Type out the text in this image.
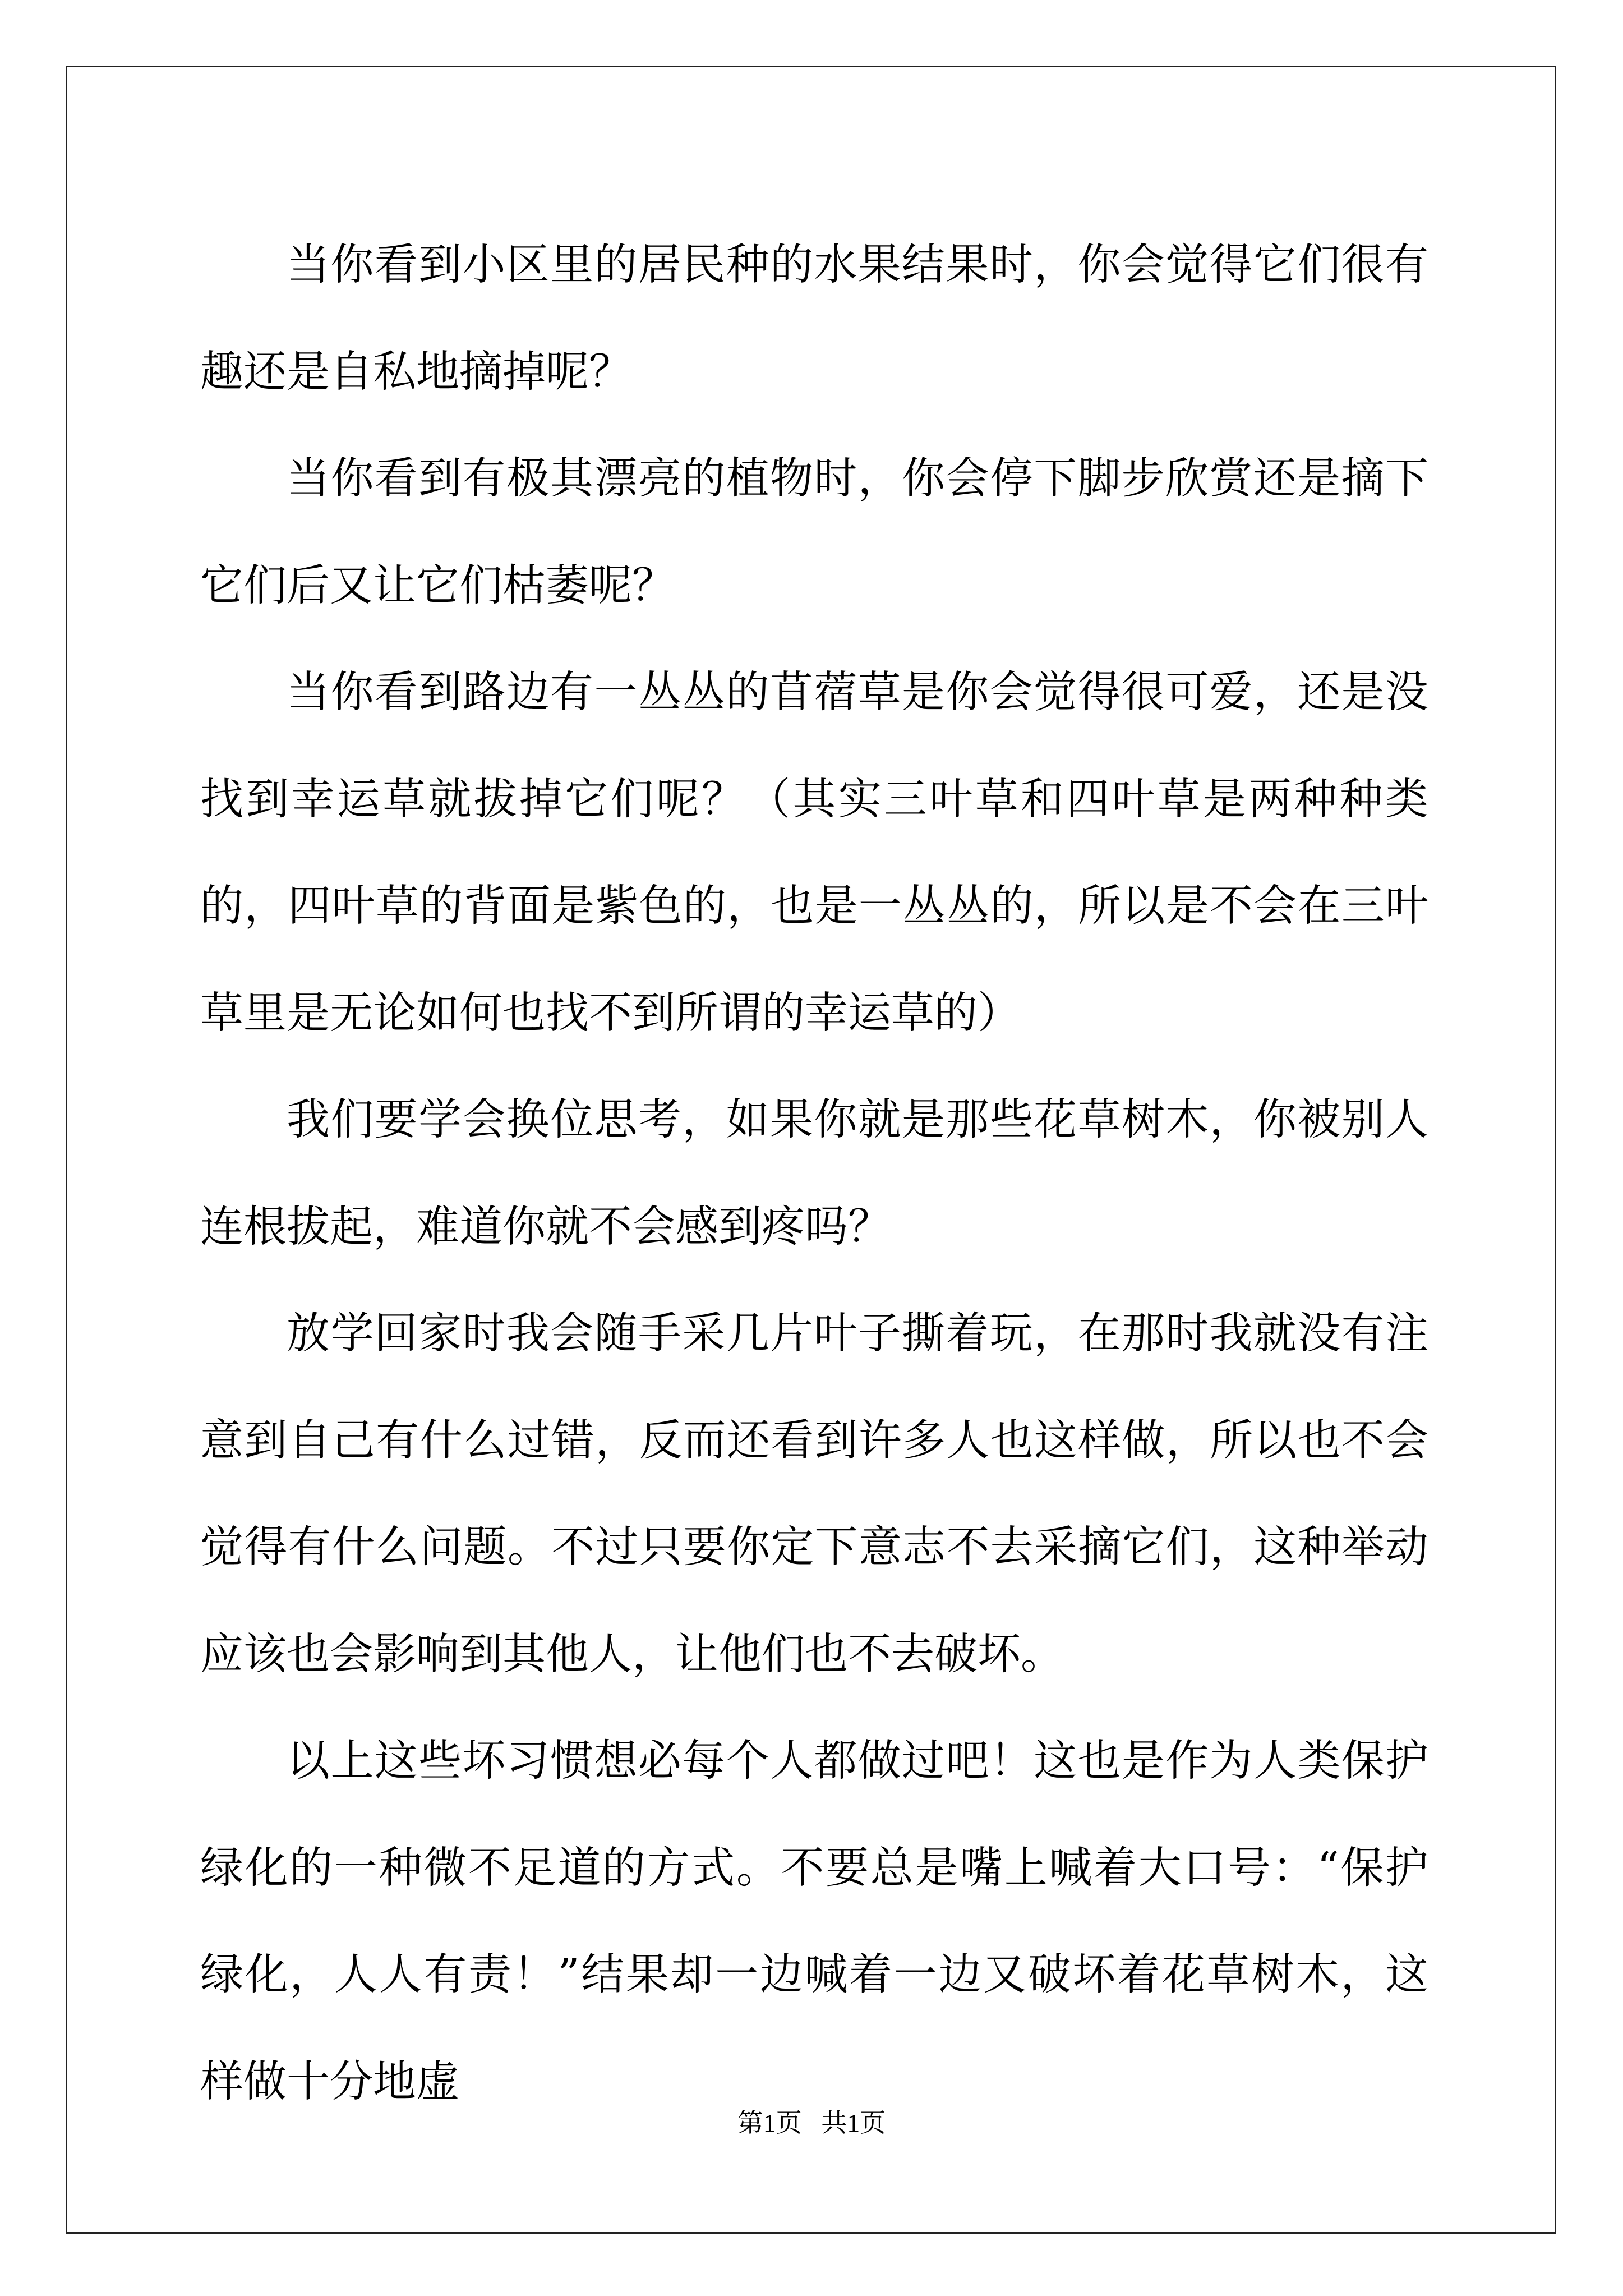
当你看到小区里的居民种的水果结果时，你会觉得它们很有趣还是自私地摘掉呢？

当你看到有极其漂亮的植物时，你会停下脚步欣赏还是摘下它们后又让它们枯萎呢？

当你看到路边有一丛丛的苜蓿草是你会觉得很可爱，还是没找到幸运草就拔掉它们呢？（其实三叶草和四叶草是两种种类的，四叶草的背面是紫色的，也是一丛丛的，所以是不会在三叶草里是无论如何也找不到所谓的幸运草的）

我们要学会换位思考，如果你就是那些花草树木，你被别人连根拔起，难道你就不会感到疼吗？

放学回家时我会随手采几片叶子撕着玩，在那时我就没有注意到自己有什么过错，反而还看到许多人也这样做，所以也不会觉得有什么问题。不过只要你定下意志不去采摘它们，这种举动应该也会影响到其他人，让他们也不去破坏。

以上这些坏习惯想必每个人都做过吧！这也是作为人类保护绿化的一种微不足道的方式。不要总是嘴上喊着大口号：“保护绿化，人人有责！”结果却一边喊着一边又破坏着花草树木，这样做十分地虚

第1页   共1页
